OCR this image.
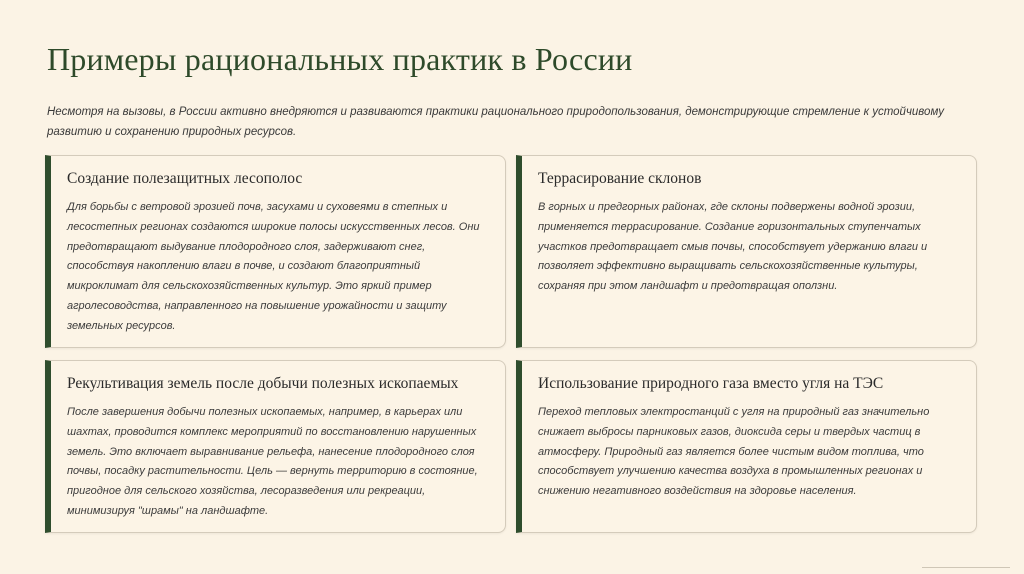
Примеры рациональных практик в России

Несмотря на вызовы, в России активно внедряются и развиваются практики рационального природопользования, демонстрирующие стремление к устойчивому развитию и сохранению природных ресурсов.

Создание полезащитных лесополос

Для борьбы с ветровой эрозией почв, засухами и суховеями в степных и лесостепных регионах создаются широкие полосы искусственных лесов. Они предотвращают выдувание плодородного слоя, задерживают снег, способствуя накоплению влаги в почве, и создают благоприятный микроклимат для сельскохозяйственных культур. Это яркий пример агролесоводства, направленного на повышение урожайности и защиту земельных ресурсов.

Террасирование склонов

В горных и предгорных районах, где склоны подвержены водной эрозии, применяется террасирование. Создание горизонтальных ступенчатых участков предотвращает смыв почвы, способствует удержанию влаги и позволяет эффективно выращивать сельскохозяйственные культуры, сохраняя при этом ландшафт и предотвращая оползни.

Рекультивация земель после добычи полезных ископаемых

После завершения добычи полезных ископаемых, например, в карьерах или шахтах, проводится комплекс мероприятий по восстановлению нарушенных земель. Это включает выравнивание рельефа, нанесение плодородного слоя почвы, посадку растительности. Цель — вернуть территорию в состояние, пригодное для сельского хозяйства, лесоразведения или рекреации, минимизируя "шрамы" на ландшафте.

Использование природного газа вместо угля на ТЭС

Переход тепловых электростанций с угля на природный газ значительно снижает выбросы парниковых газов, диоксида серы и твердых частиц в атмосферу. Природный газ является более чистым видом топлива, что способствует улучшению качества воздуха в промышленных регионах и снижению негативного воздействия на здоровье населения.
